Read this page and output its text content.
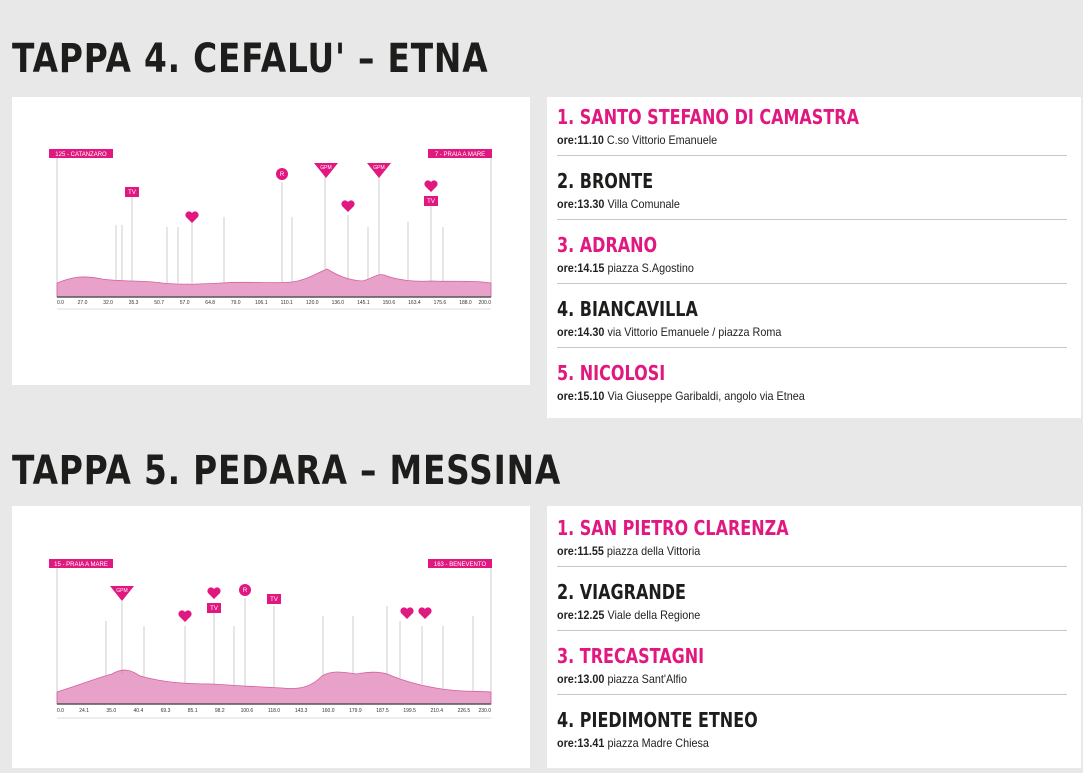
TAPPA 4. CEFALU' – ETNA
125 - CATANZARO	7 - PRAIA A MARE
GPM	GPM
R
TV
TV
0.0	27.0	32.0	35.3	50.7	57.0	64.8	79.0	106.1	110.1	120.0	136.0	145.1	150.6	163.4	175.6	188.0 200.0
1. SANTO STEFANO DI CAMASTRA
ore:11.10 C.so Vittorio Emanuele
2. BRONTE
ore:13.30 Villa Comunale
3. ADRANO
ore:14.15 piazza S.Agostino
4. BIANCAVILLA
ore:14.30 via Vittorio Emanuele / piazza Roma
5. NICOLOSI
ore:15.10 Via Giuseppe Garibaldi, angolo via Etnea
TAPPA 5. PEDARA – MESSINA
15 - PRAIA A MARE	163 - BENEVENTO
GPM	R
TV
TV
0.0	24.1	35.0	40.4	69.3	85.1	98.2	100.6	118.0	143.3	160.0	179.9	187.5	199.5	210.4	226.5 230.0
1. SAN PIETRO CLARENZA
ore:11.55 piazza della Vittoria
2. VIAGRANDE
ore:12.25 Viale della Regione
3. TRECASTAGNI
ore:13.00 piazza Sant'Alfio
4. PIEDIMONTE ETNEO
ore:13.41 piazza Madre Chiesa
